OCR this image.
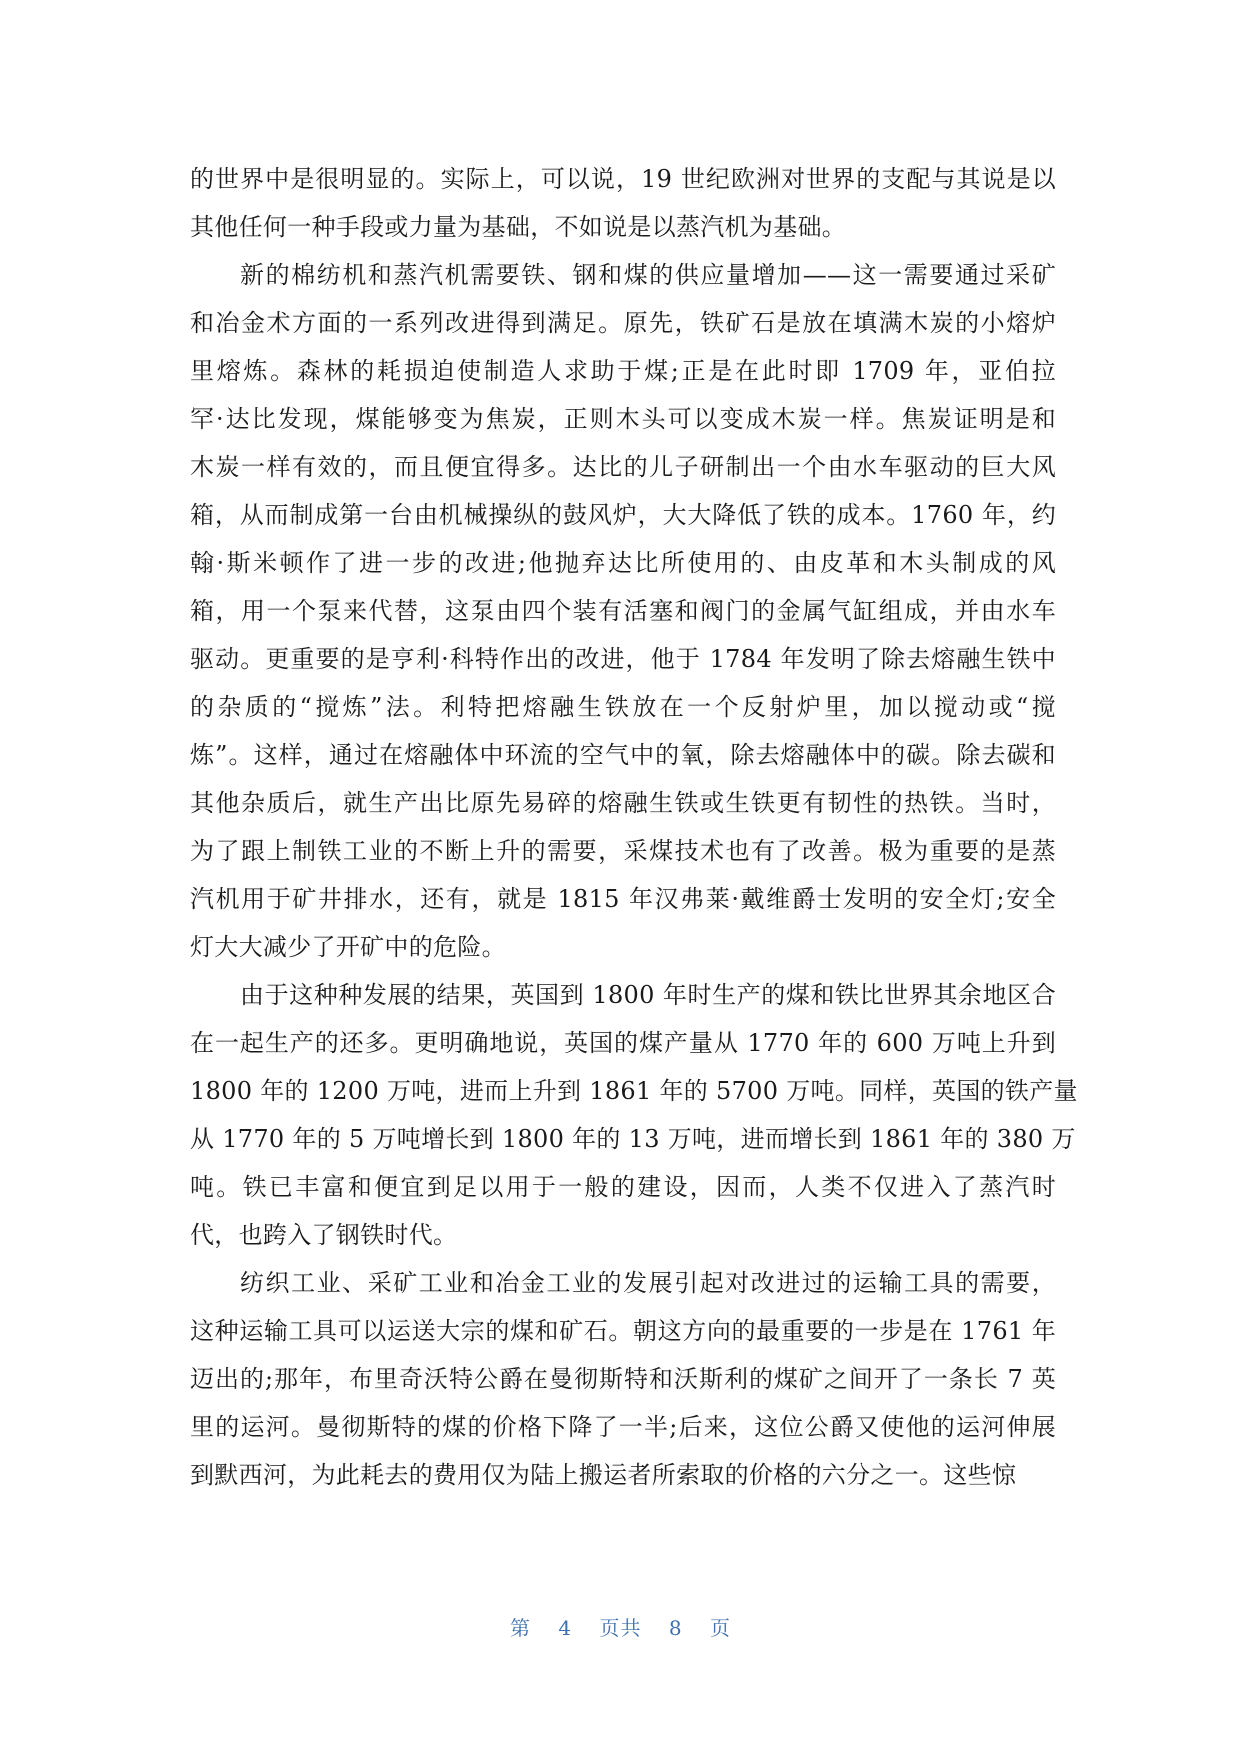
的世界中是很明显的。实际上，可以说，19 世纪欧洲对世界的支配与其说是以
其他任何一种手段或力量为基础，不如说是以蒸汽机为基础。
新的棉纺机和蒸汽机需要铁、钢和煤的供应量增加——这一需要通过采矿
和冶金术方面的一系列改进得到满足。原先，铁矿石是放在填满木炭的小熔炉
里熔炼。森林的耗损迫使制造人求助于煤;正是在此时即 1709 年，亚伯拉
罕·达比发现，煤能够变为焦炭，正则木头可以变成木炭一样。焦炭证明是和
木炭一样有效的，而且便宜得多。达比的儿子研制出一个由水车驱动的巨大风
箱，从而制成第一台由机械操纵的鼓风炉，大大降低了铁的成本。1760 年，约
翰·斯米顿作了进一步的改进;他抛弃达比所使用的、由皮革和木头制成的风
箱，用一个泵来代替，这泵由四个装有活塞和阀门的金属气缸组成，并由水车
驱动。更重要的是亨利·科特作出的改进，他于 1784 年发明了除去熔融生铁中
的杂质的“搅炼”法。利特把熔融生铁放在一个反射炉里，加以搅动或“搅
炼”。这样，通过在熔融体中环流的空气中的氧，除去熔融体中的碳。除去碳和
其他杂质后，就生产出比原先易碎的熔融生铁或生铁更有韧性的热铁。当时，
为了跟上制铁工业的不断上升的需要，采煤技术也有了改善。极为重要的是蒸
汽机用于矿井排水，还有，就是 1815 年汉弗莱·戴维爵士发明的安全灯;安全
灯大大减少了开矿中的危险。
由于这种种发展的结果，英国到 1800 年时生产的煤和铁比世界其余地区合
在一起生产的还多。更明确地说，英国的煤产量从 1770 年的 600 万吨上升到
1800 年的 1200 万吨，进而上升到 1861 年的 5700 万吨。同样，英国的铁产量
从 1770 年的 5 万吨增长到 1800 年的 13 万吨，进而增长到 1861 年的 380 万
吨。铁已丰富和便宜到足以用于一般的建设，因而，人类不仅进入了蒸汽时
代，也跨入了钢铁时代。
纺织工业、采矿工业和冶金工业的发展引起对改进过的运输工具的需要，
这种运输工具可以运送大宗的煤和矿石。朝这方向的最重要的一步是在 1761 年
迈出的;那年，布里奇沃特公爵在曼彻斯特和沃斯利的煤矿之间开了一条长 7 英
里的运河。曼彻斯特的煤的价格下降了一半;后来，这位公爵又使他的运河伸展
到默西河，为此耗去的费用仅为陆上搬运者所索取的价格的六分之一。这些惊
第 4 页共 8 页
